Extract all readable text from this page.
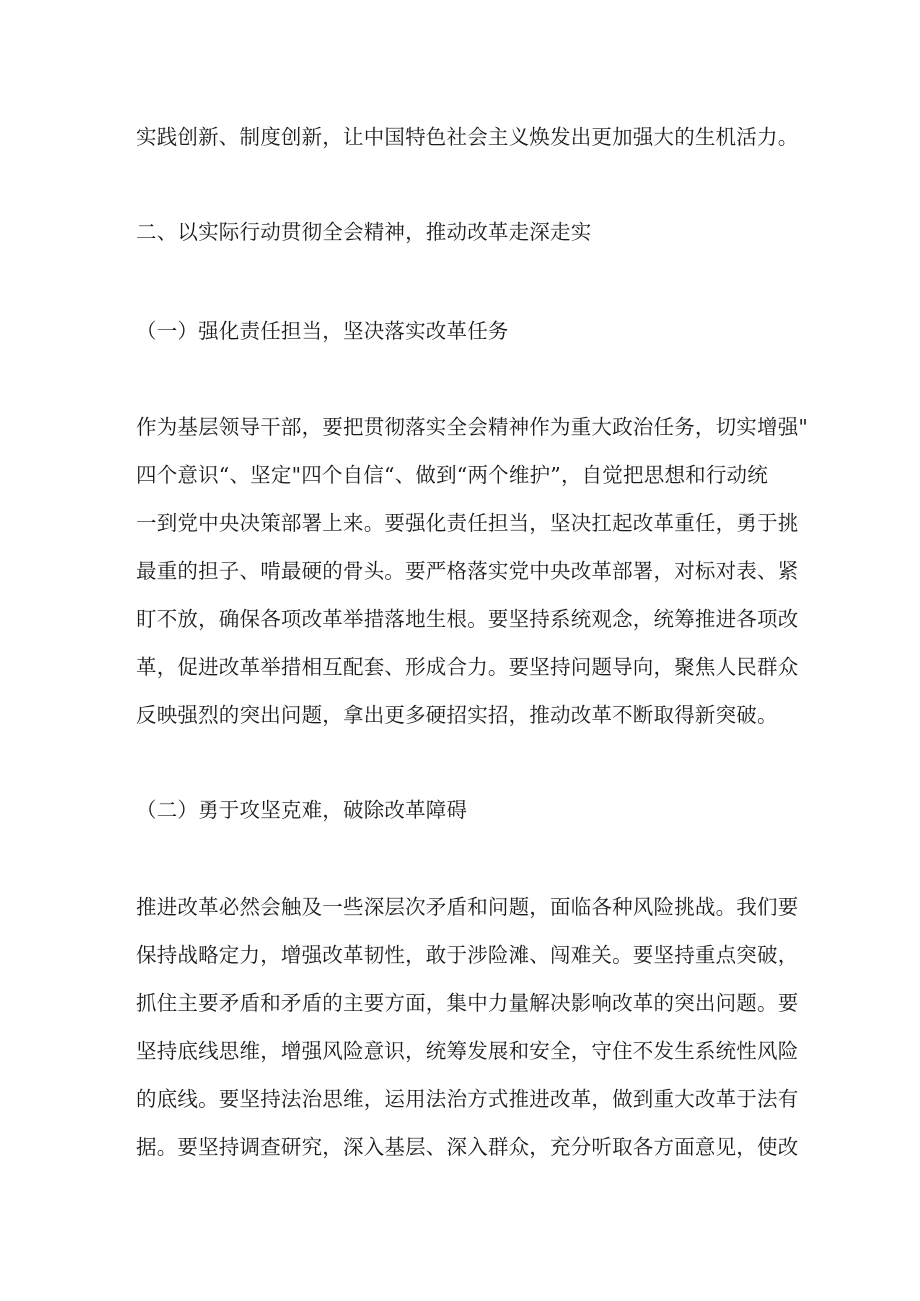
实践创新、制度创新，让中国特色社会主义焕发出更加强大的生机活力。
二、以实际行动贯彻全会精神，推动改革走深走实
（一）强化责任担当，坚决落实改革任务
作为基层领导干部，要把贯彻落实全会精神作为重大政治任务，切实增强"
四个意识“、坚定"四个自信“、做到“两个维护”，自觉把思想和行动统
一到党中央决策部署上来。要强化责任担当，坚决扛起改革重任，勇于挑
最重的担子、啃最硬的骨头。要严格落实党中央改革部署，对标对表、紧
盯不放，确保各项改革举措落地生根。要坚持系统观念，统筹推进各项改
革，促进改革举措相互配套、形成合力。要坚持问题导向，聚焦人民群众
反映强烈的突出问题，拿出更多硬招实招，推动改革不断取得新突破。
（二）勇于攻坚克难，破除改革障碍
推进改革必然会触及一些深层次矛盾和问题，面临各种风险挑战。我们要
保持战略定力，增强改革韧性，敢于涉险滩、闯难关。要坚持重点突破，
抓住主要矛盾和矛盾的主要方面，集中力量解决影响改革的突出问题。要
坚持底线思维，增强风险意识，统筹发展和安全，守住不发生系统性风险
的底线。要坚持法治思维，运用法治方式推进改革，做到重大改革于法有
据。要坚持调查研究，深入基层、深入群众，充分听取各方面意见，使改
